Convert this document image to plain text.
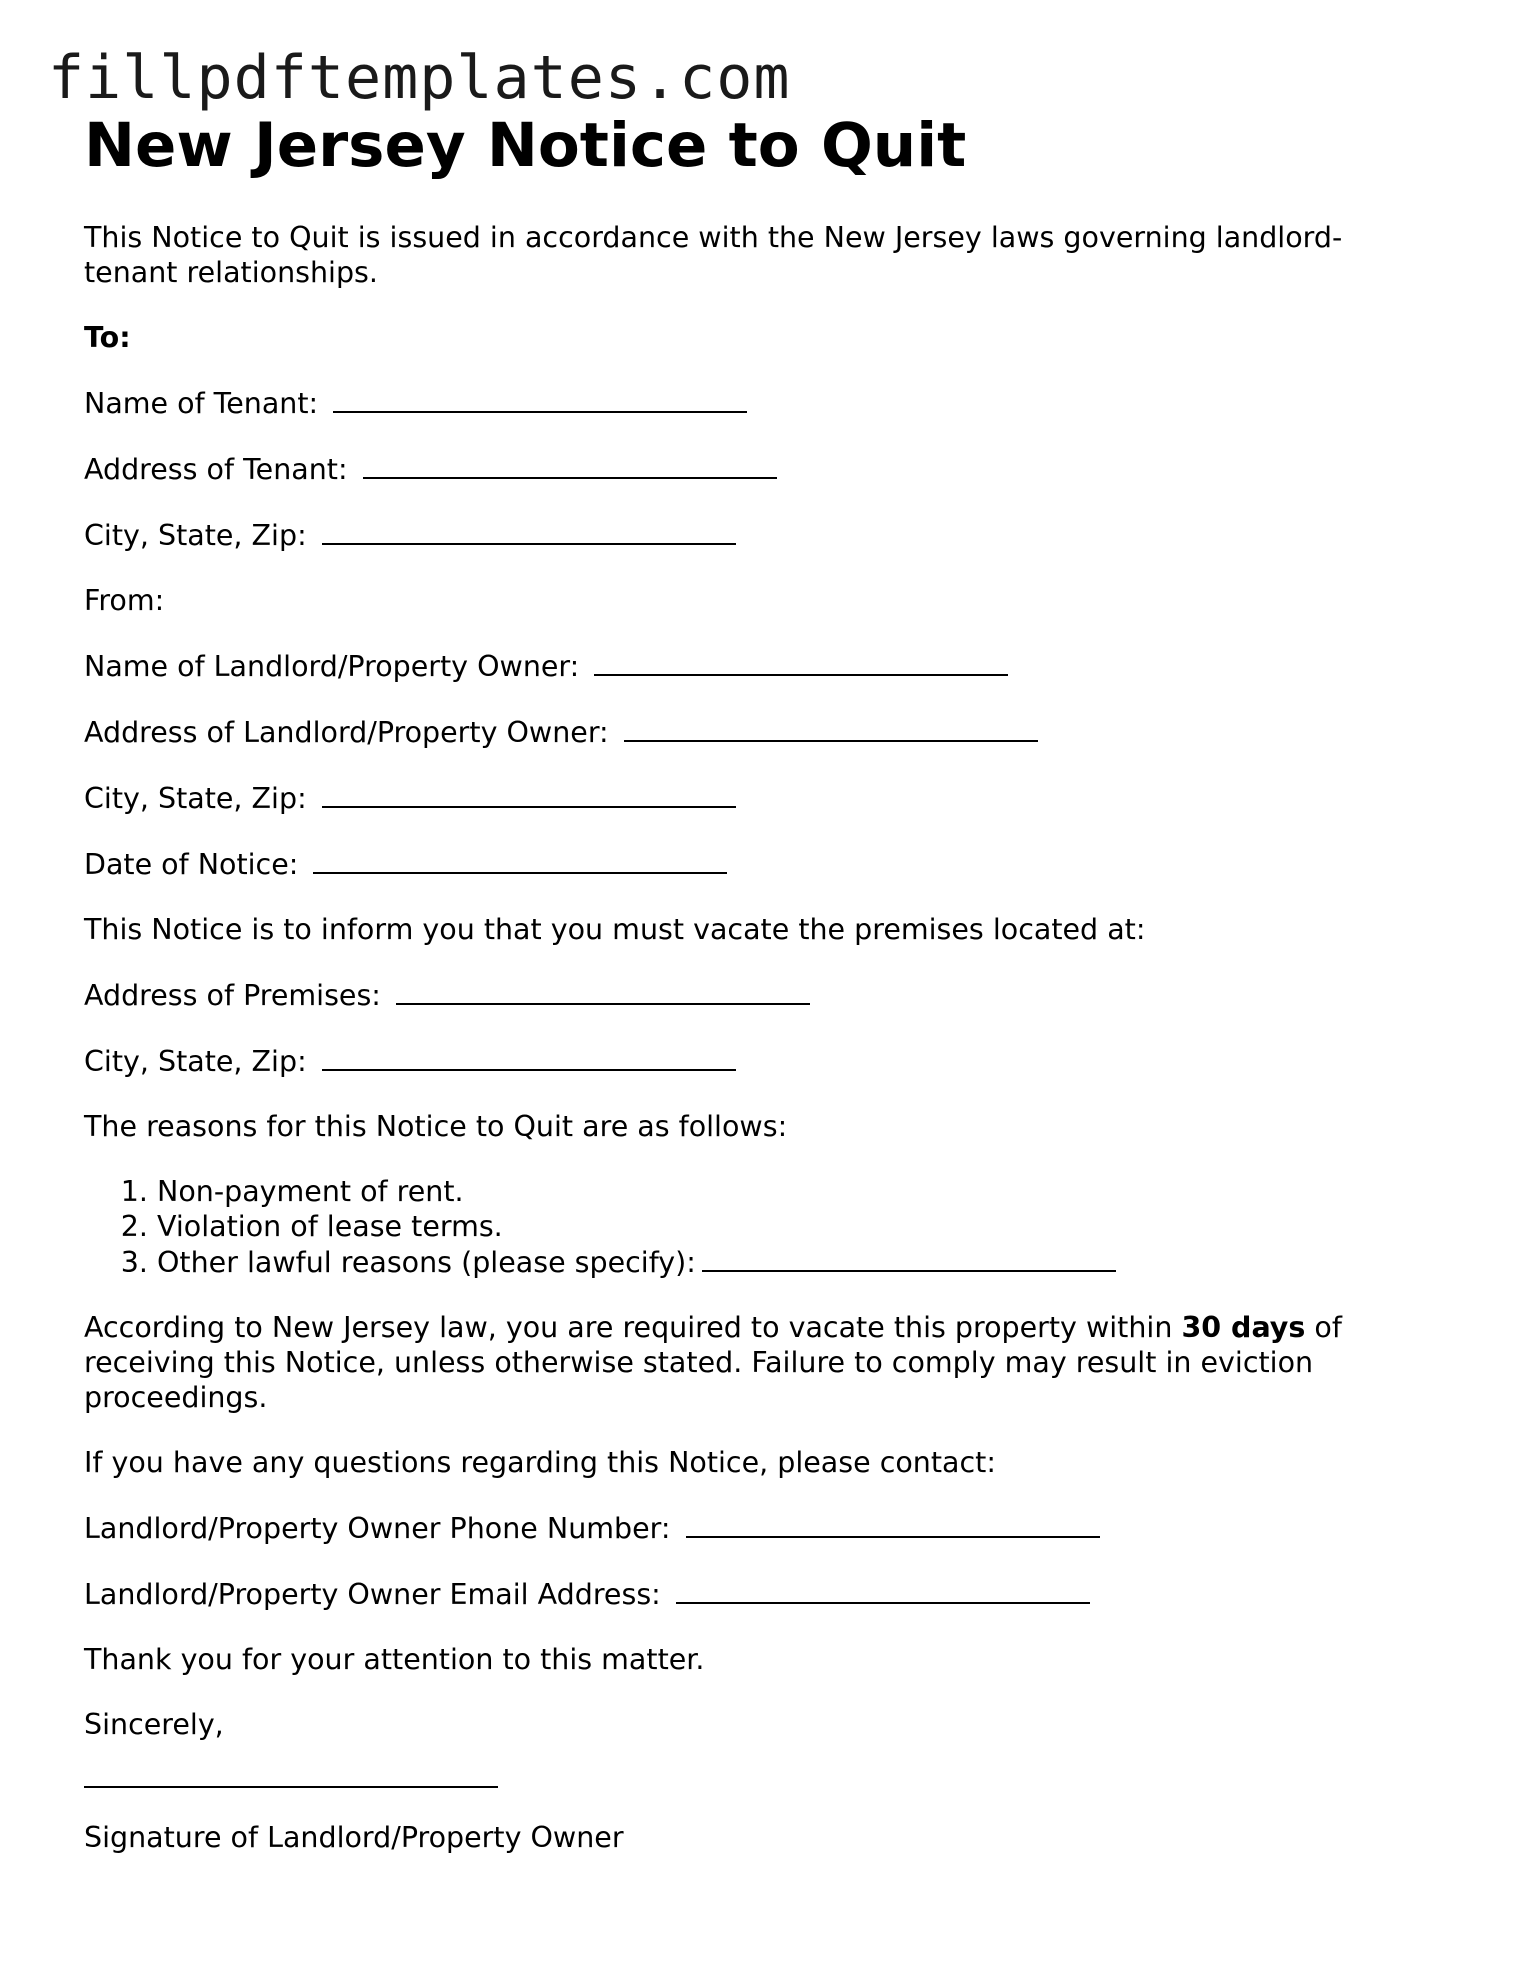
fillpdftemplates.com
New Jersey Notice to Quit

This Notice to Quit is issued in accordance with the New Jersey laws governing landlord-tenant relationships.

To:

Name of Tenant:
Address of Tenant:
City, State, Zip:

From:

Name of Landlord/Property Owner:
Address of Landlord/Property Owner:
City, State, Zip:
Date of Notice:

This Notice is to inform you that you must vacate the premises located at:

Address of Premises:
City, State, Zip:

The reasons for this Notice to Quit are as follows:

1. Non-payment of rent.
2. Violation of lease terms.
3. Other lawful reasons (please specify):

According to New Jersey law, you are required to vacate this property within 30 days of receiving this Notice, unless otherwise stated. Failure to comply may result in eviction proceedings.

If you have any questions regarding this Notice, please contact:

Landlord/Property Owner Phone Number:
Landlord/Property Owner Email Address:

Thank you for your attention to this matter.

Sincerely,

Signature of Landlord/Property Owner
